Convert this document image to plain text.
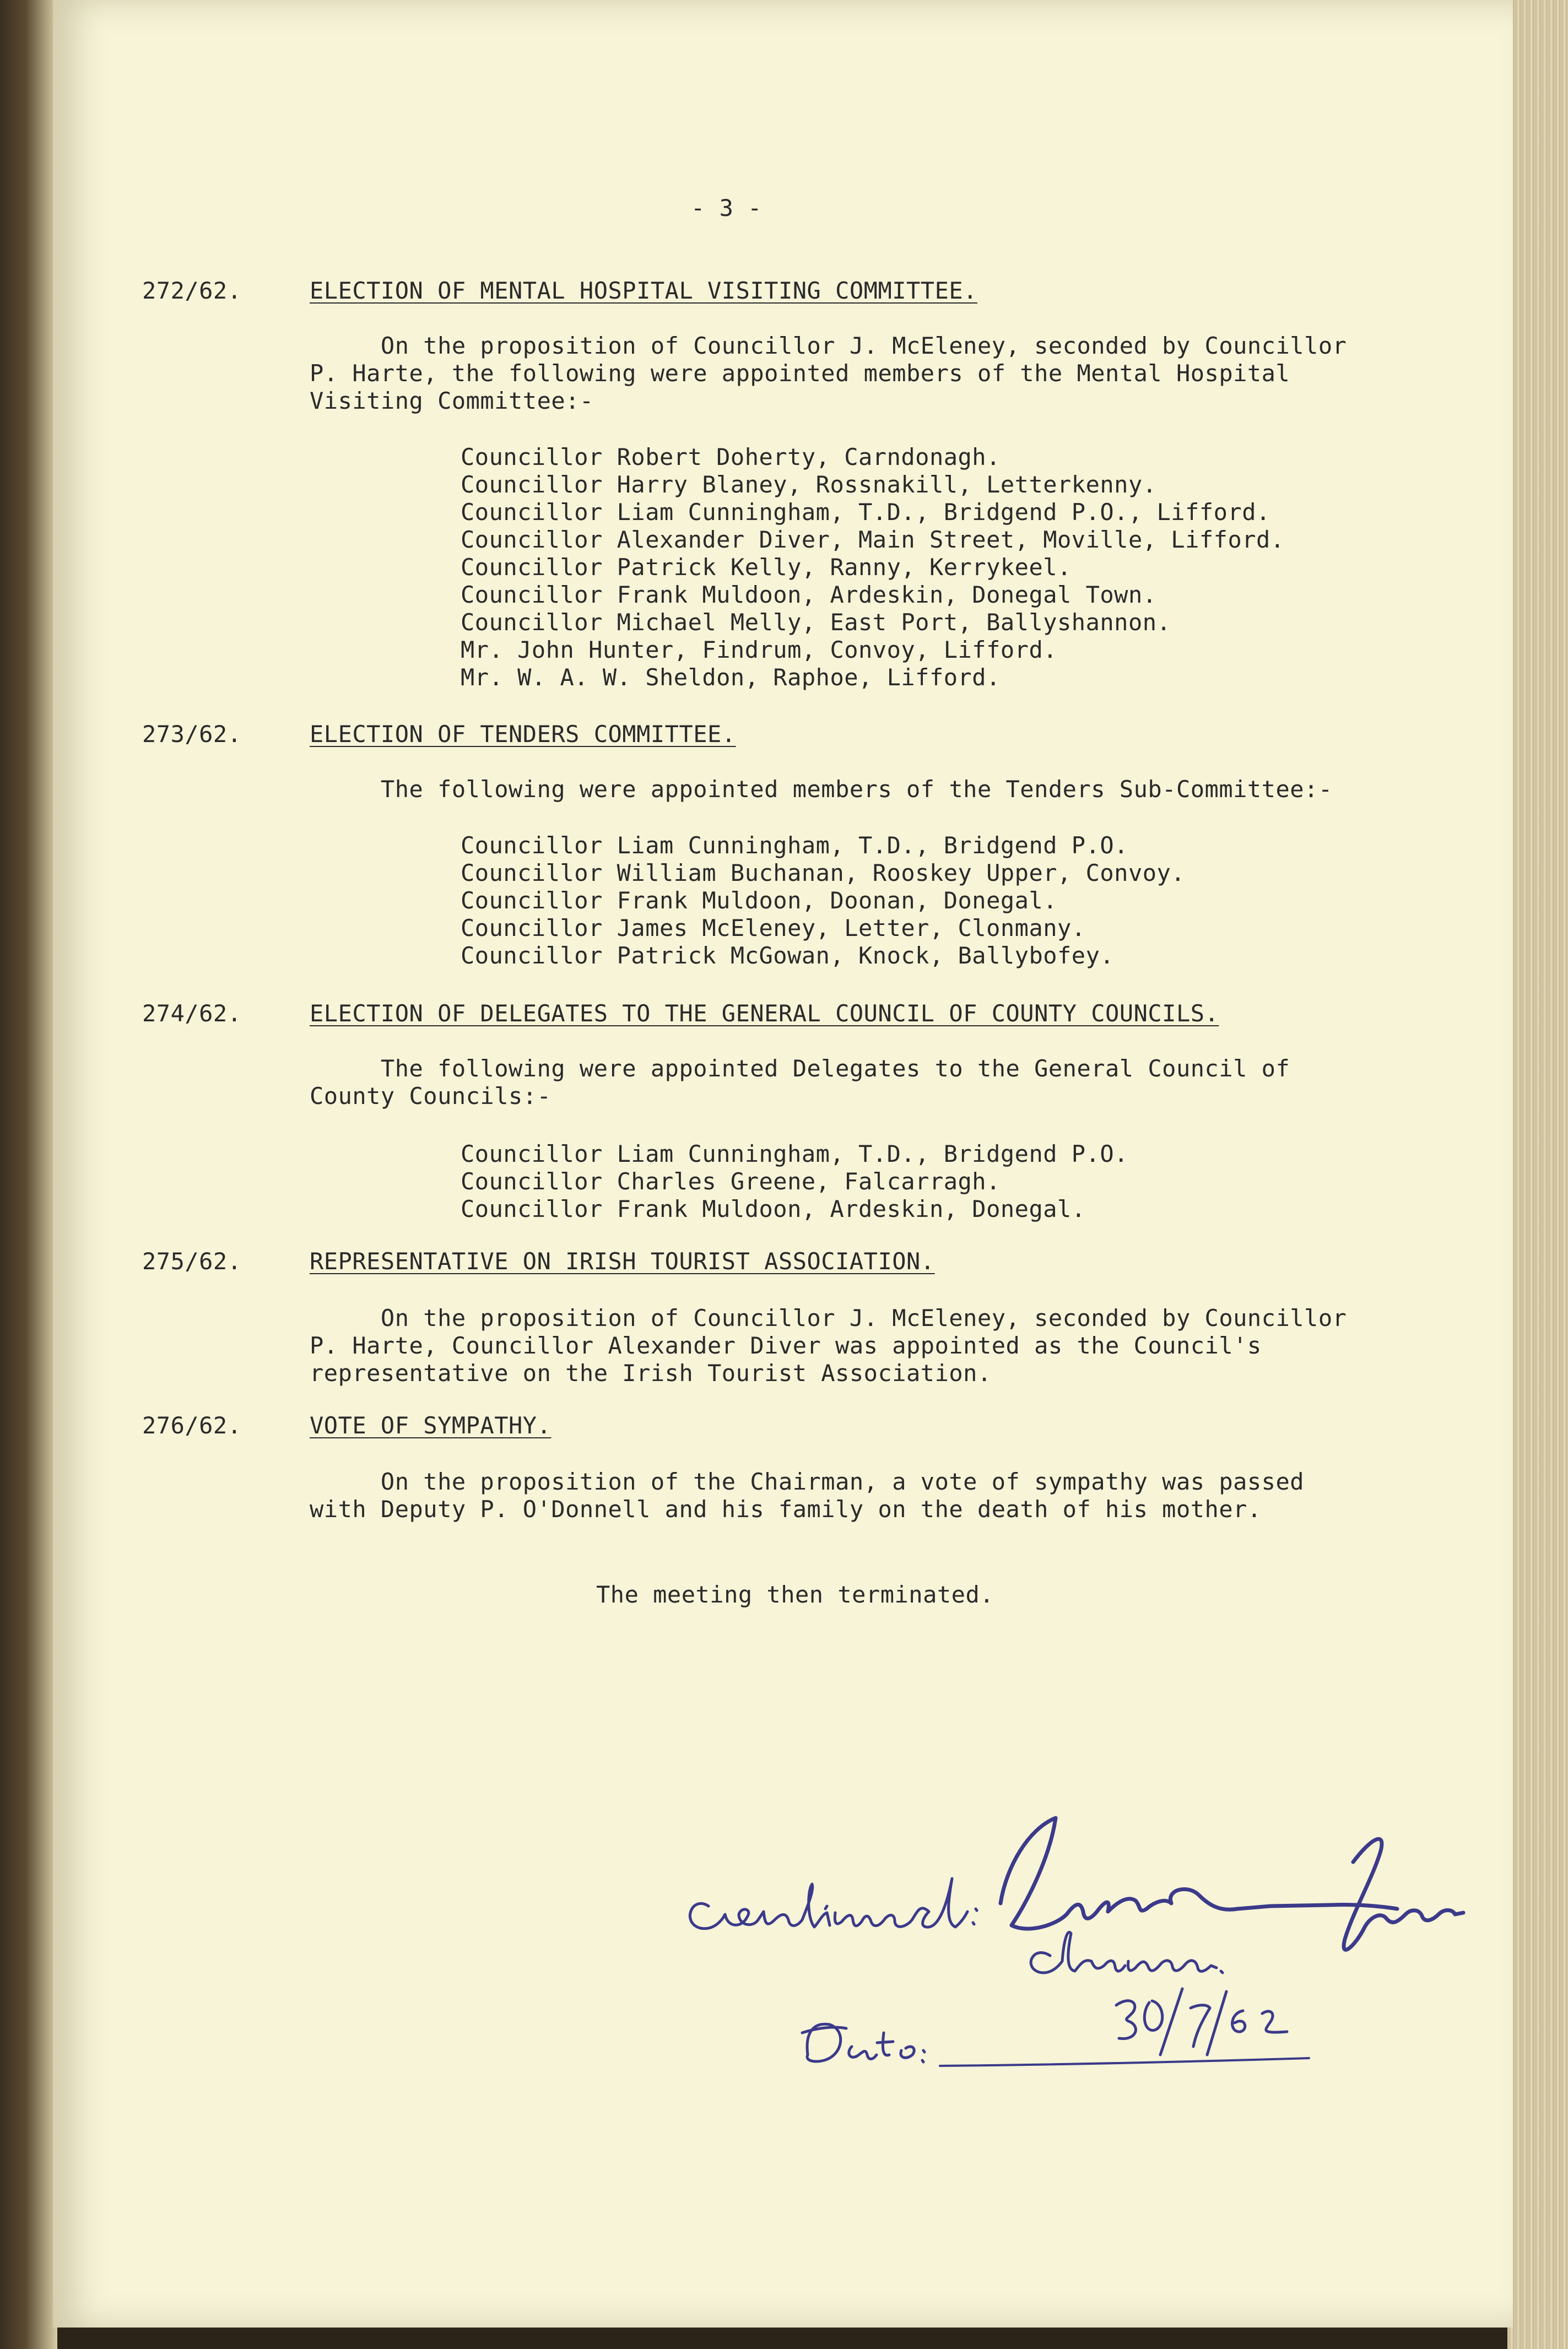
- 3 -

272/62.	ELECTION OF MENTAL HOSPITAL VISITING COMMITTEE.

On the proposition of Councillor J. McEleney, seconded by Councillor

P. Harte, the following were appointed members of the Mental Hospital

Visiting Committee:-

Councillor Robert Doherty, Carndonagh.

Councillor Harry Blaney, Rossnakill, Letterkenny.

Councillor Liam Cunningham, T.D., Bridgend P.O., Lifford.

Councillor Alexander Diver, Main Street, Moville, Lifford.

Councillor Patrick Kelly, Ranny, Kerrykeel.

Councillor Frank Muldoon, Ardeskin, Donegal Town.

Councillor Michael Melly, East Port, Ballyshannon.

Mr. John Hunter, Findrum, Convoy, Lifford.

Mr. W. A. W. Sheldon, Raphoe, Lifford.

273/62.	ELECTION OF TENDERS COMMITTEE.

The following were appointed members of the Tenders Sub-Committee:-

Councillor Liam Cunningham, T.D., Bridgend P.O.

Councillor William Buchanan, Rooskey Upper, Convoy.

Councillor Frank Muldoon, Doonan, Donegal.

Councillor James McEleney, Letter, Clonmany.

Councillor Patrick McGowan, Knock, Ballybofey.

274/62.	ELECTION OF DELEGATES TO THE GENERAL COUNCIL OF COUNTY COUNCILS.

The following were appointed Delegates to the General Council of

County Councils:-

Councillor Liam Cunningham, T.D., Bridgend P.O.

Councillor Charles Greene, Falcarragh.

Councillor Frank Muldoon, Ardeskin, Donegal.

275/62.	REPRESENTATIVE ON IRISH TOURIST ASSOCIATION.

On the proposition of Councillor J. McEleney, seconded by Councillor

P. Harte, Councillor Alexander Diver was appointed as the Council's

representative on the Irish Tourist Association.

276/62.	VOTE OF SYMPATHY.

On the proposition of the Chairman, a vote of sympathy was passed

with Deputy P. O'Donnell and his family on the death of his mother.

The meeting then terminated.
